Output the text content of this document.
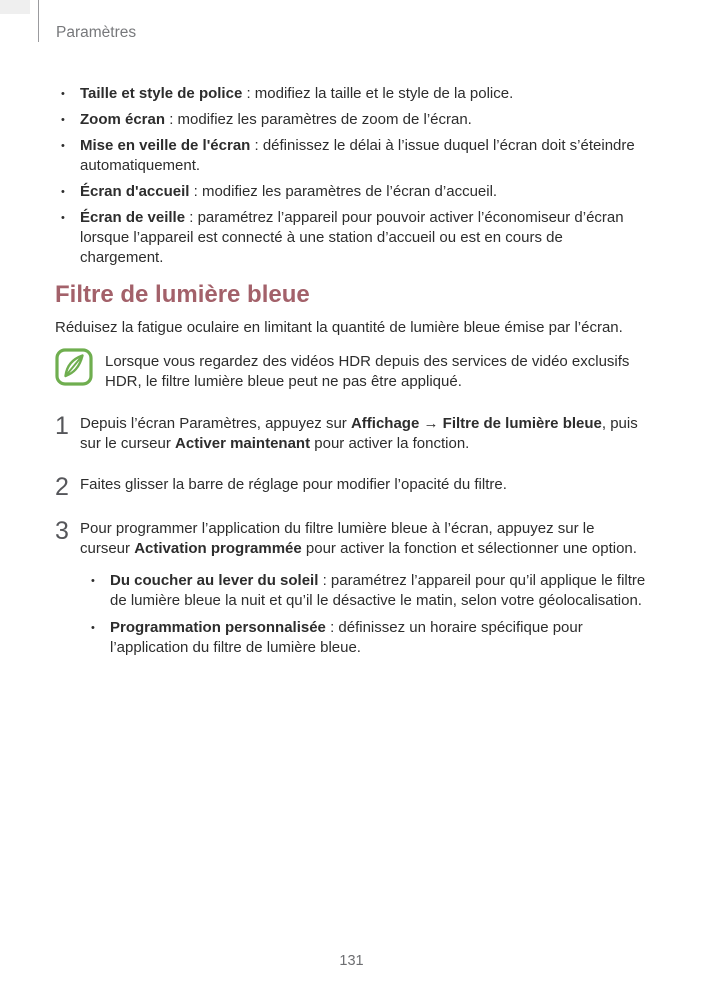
Paramètres
• Taille et style de police : modifiez la taille et le style de la police.
• Zoom écran : modifiez les paramètres de zoom de l’écran.
• Mise en veille de l'écran : définissez le délai à l’issue duquel l’écran doit s’éteindre automatiquement.
• Écran d'accueil : modifiez les paramètres de l’écran d’accueil.
• Écran de veille : paramétrez l’appareil pour pouvoir activer l’économiseur d’écran lorsque l’appareil est connecté à une station d’accueil ou est en cours de chargement.
Filtre de lumière bleue

Réduisez la fatigue oculaire en limitant la quantité de lumière bleue émise par l’écran.

Lorsque vous regardez des vidéos HDR depuis des services de vidéo exclusifs HDR, le filtre lumière bleue peut ne pas être appliqué.
1 Depuis l’écran Paramètres, appuyez sur Affichage → Filtre de lumière bleue, puis sur le curseur Activer maintenant pour activer la fonction.

2 Faites glisser la barre de réglage pour modifier l’opacité du filtre.

3 Pour programmer l’application du filtre lumière bleue à l’écran, appuyez sur le curseur Activation programmée pour activer la fonction et sélectionner une option.

• Du coucher au lever du soleil : paramétrez l’appareil pour qu’il applique le filtre de lumière bleue la nuit et qu’il le désactive le matin, selon votre géolocalisation.
• Programmation personnalisée : définissez un horaire spécifique pour l’application du filtre de lumière bleue.
131
